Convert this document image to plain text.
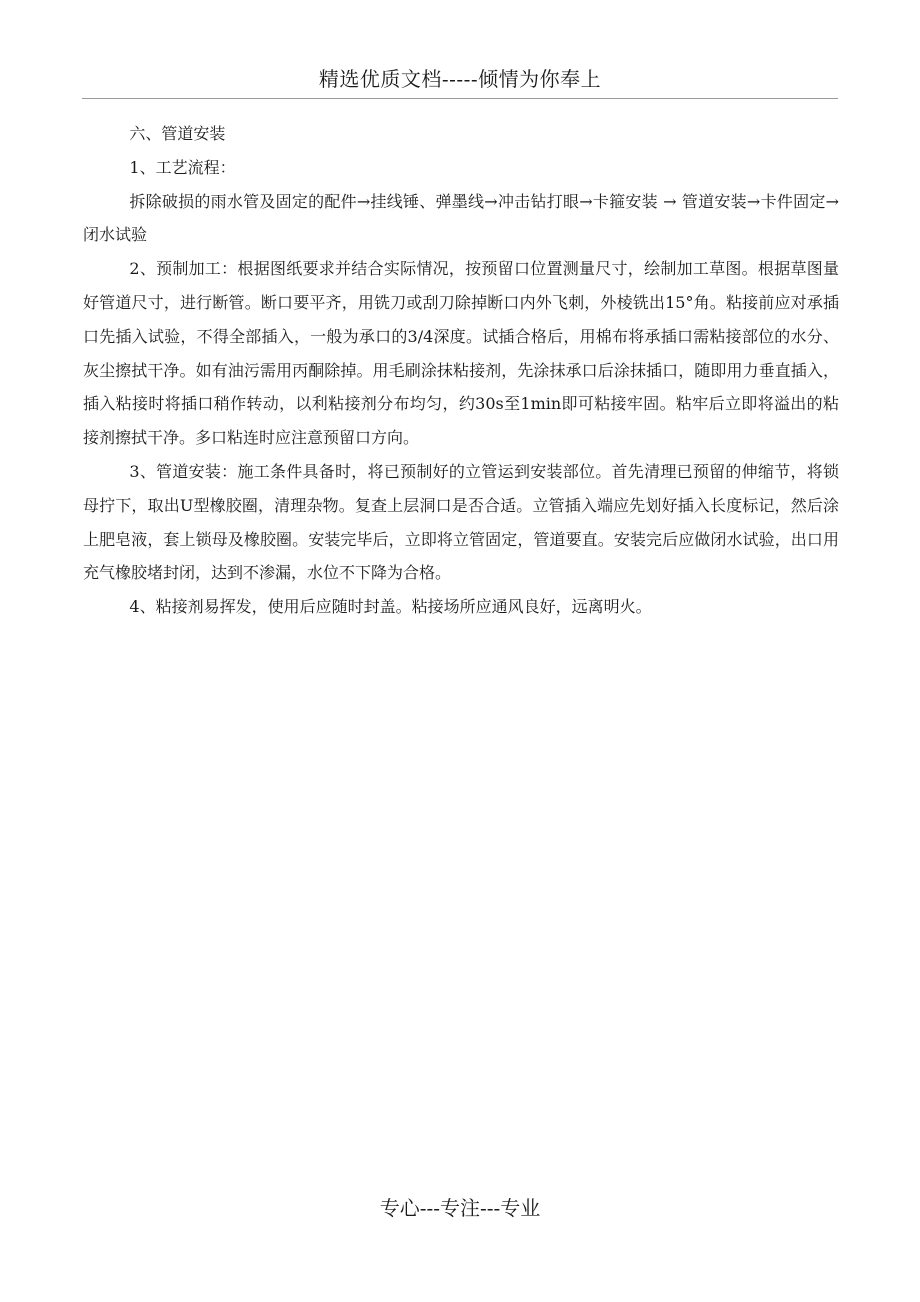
精选优质文档-----倾情为你奉上

六、管道安装

1、工艺流程：

拆除破损的雨水管及固定的配件→挂线锤、弹墨线→冲击钻打眼→卡箍安装 → 管道安装→卡件固定→闭水试验

2、预制加工：根据图纸要求并结合实际情况，按预留口位置测量尺寸，绘制加工草图。根据草图量好管道尺寸，进行断管。断口要平齐，用铣刀或刮刀除掉断口内外飞刺，外棱铣出15°角。粘接前应对承插口先插入试验，不得全部插入，一般为承口的3/4深度。试插合格后，用棉布将承插口需粘接部位的水分、灰尘擦拭干净。如有油污需用丙酮除掉。用毛刷涂抹粘接剂，先涂抹承口后涂抹插口，随即用力垂直插入，插入粘接时将插口稍作转动，以利粘接剂分布均匀，约30s至1min即可粘接牢固。粘牢后立即将溢出的粘接剂擦拭干净。多口粘连时应注意预留口方向。

3、管道安装：施工条件具备时，将已预制好的立管运到安装部位。首先清理已预留的伸缩节，将锁母拧下，取出U型橡胶圈，清理杂物。复查上层洞口是否合适。立管插入端应先划好插入长度标记，然后涂上肥皂液，套上锁母及橡胶圈。安装完毕后，立即将立管固定，管道要直。安装完后应做闭水试验，出口用充气橡胶堵封闭，达到不渗漏，水位不下降为合格。

4、粘接剂易挥发，使用后应随时封盖。粘接场所应通风良好，远离明火。

专心---专注---专业
